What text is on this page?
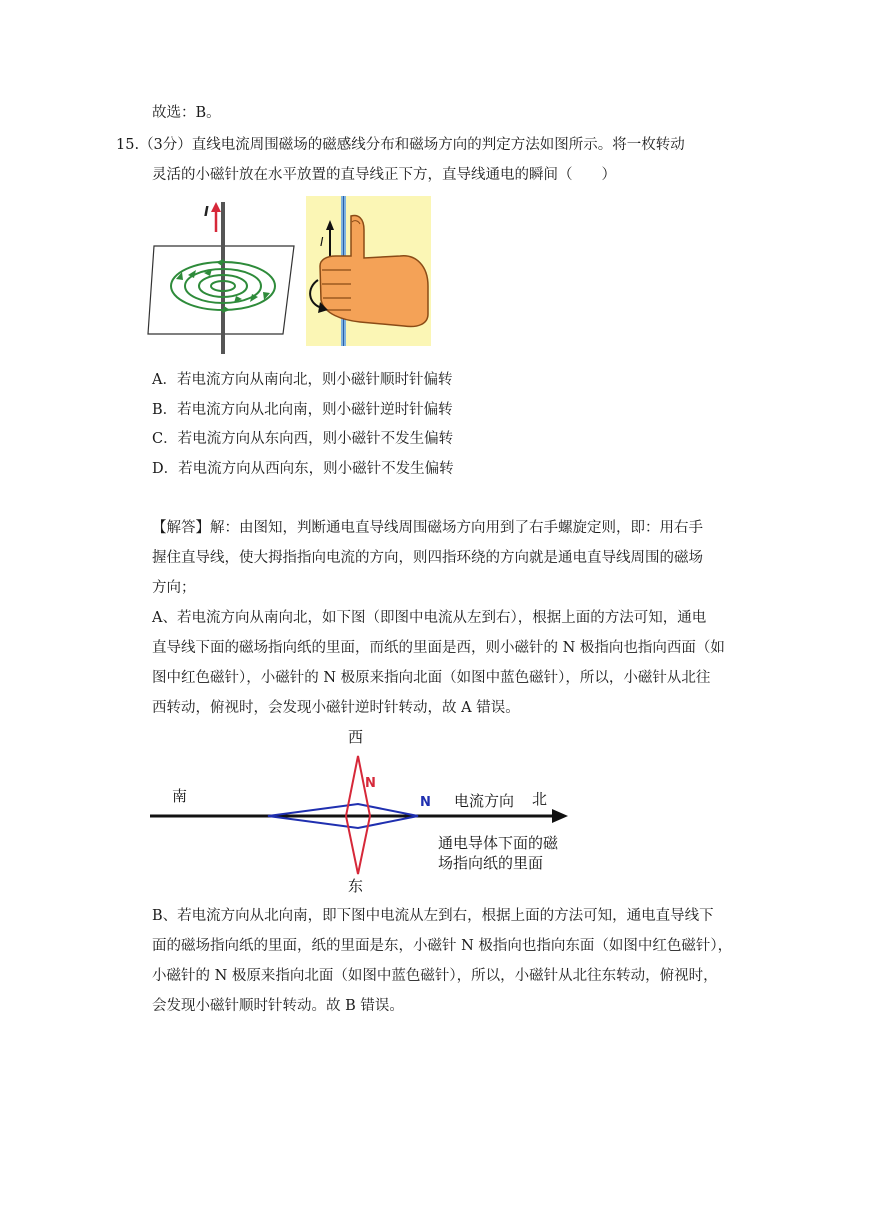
故选：B。
15.（3分）直线电流周围磁场的磁感线分布和磁场方向的判定方法如图所示。将一枚转动
灵活的小磁针放在水平放置的直导线正下方，直导线通电的瞬间（　　）
I
I
A．若电流方向从南向北，则小磁针顺时针偏转
B．若电流方向从北向南，则小磁针逆时针偏转
C．若电流方向从东向西，则小磁针不发生偏转
D．若电流方向从西向东，则小磁针不发生偏转
【解答】解：由图知，判断通电直导线周围磁场方向用到了右手螺旋定则，即：用右手
握住直导线，使大拇指指向电流的方向，则四指环绕的方向就是通电直导线周围的磁场
方向；
A、若电流方向从南向北，如下图（即图中电流从左到右），根据上面的方法可知，通电
直导线下面的磁场指向纸的里面，而纸的里面是西，则小磁针的 N 极指向也指向西面（如
图中红色磁针），小磁针的 N 极原来指向北面（如图中蓝色磁针），所以，小磁针从北往
西转动，俯视时，会发现小磁针逆时针转动，故 A 错误。
西
N
南	N 电流方向 北
通电导体下面的磁
场指向纸的里面
东
B、若电流方向从北向南，即下图中电流从左到右，根据上面的方法可知，通电直导线下
面的磁场指向纸的里面，纸的里面是东，小磁针 N 极指向也指向东面（如图中红色磁针），
小磁针的 N 极原来指向北面（如图中蓝色磁针），所以，小磁针从北往东转动，俯视时，
会发现小磁针顺时针转动。故 B 错误。
